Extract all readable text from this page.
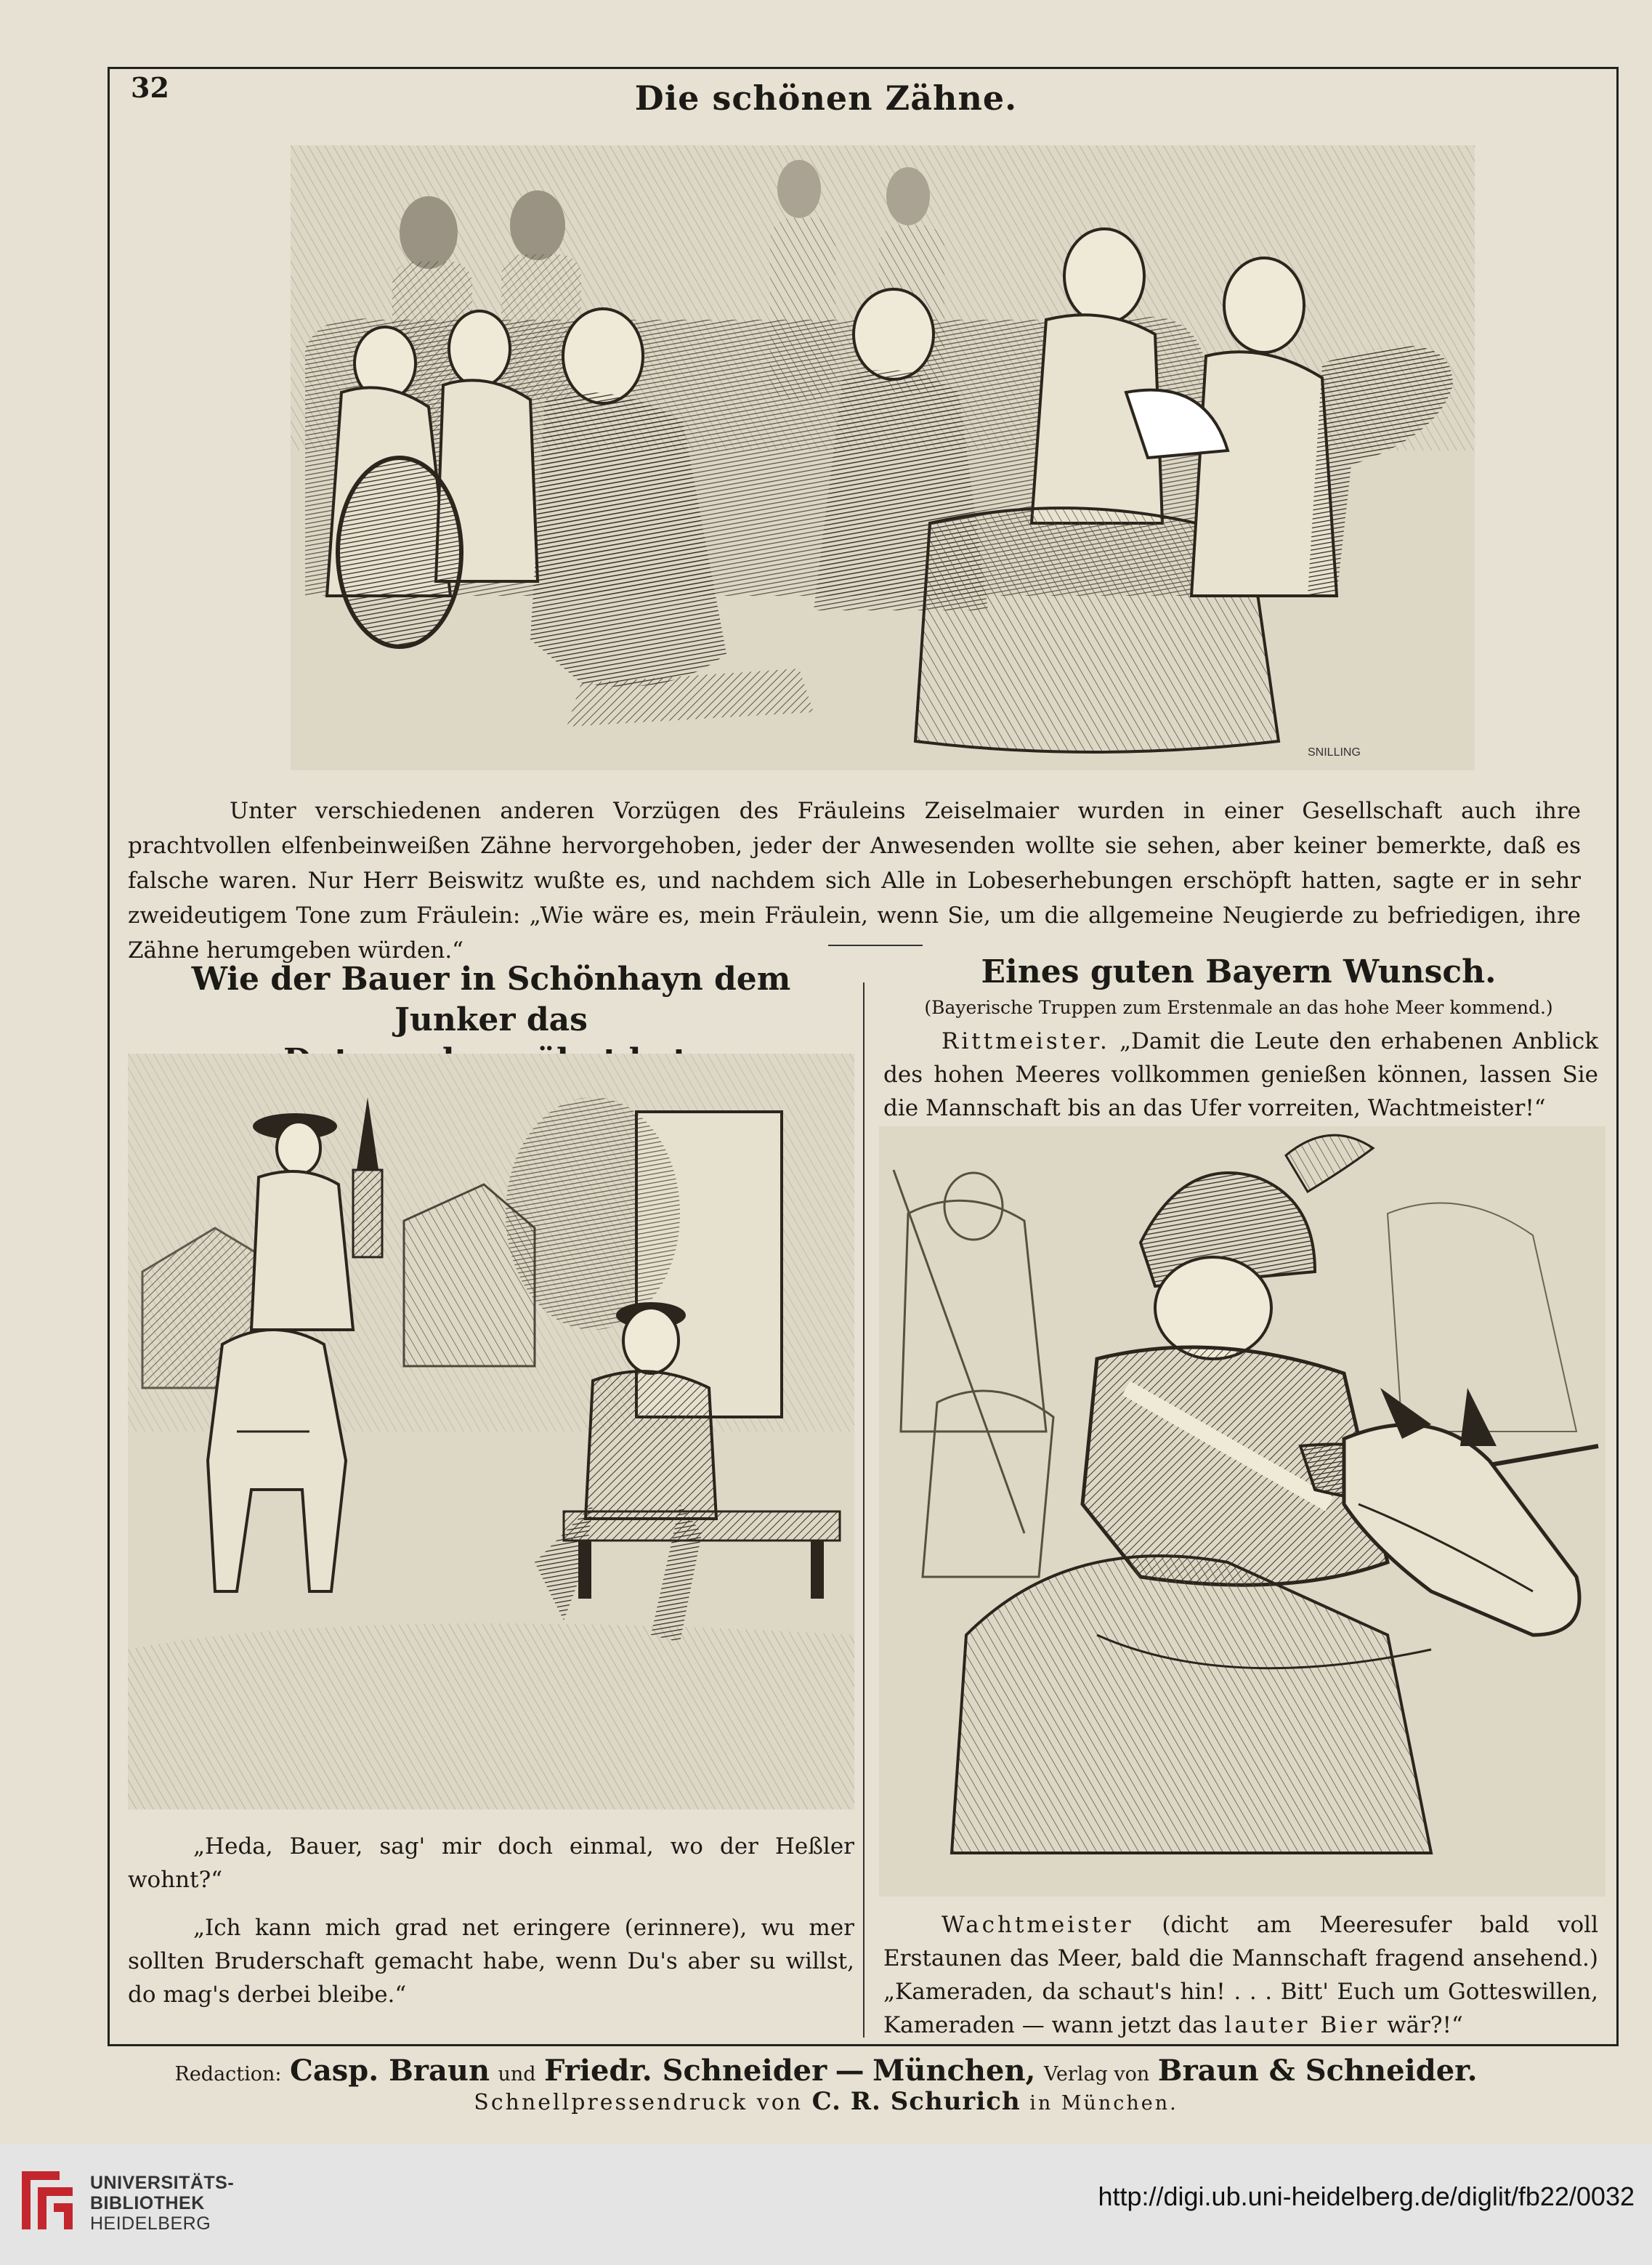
32	Die schönen Zähne.
SNILLING

Unter verschiedenen anderen Vorzügen des Fräuleins Zeiselmaier wurden in einer Gesellschaft auch ihre prachtvollen elfenbeinweißen Zähne hervorgehoben, jeder der Anwesenden wollte sie sehen, aber keiner bemerkte, daß es falsche waren. Nur Herr Beiswitz wußte es, und nachdem sich Alle in Lobeserhebungen erschöpft hatten, sagte er in sehr zweideutigem Tone zum Fräulein: „Wie wäre es, mein Fräulein, wenn Sie, um die allgemeine Neugierde zu befriedigen, ihre Zähne herumgeben würden.“

Wie der Bauer in Schönhayn dem Junker das

„Heda, Bauer, sag' mir doch einmal, wo der Heßler wohnt?“

„Ich kann mich grad net eringere (erinnere), wu mer sollten Bruderschaft gemacht habe, wenn Du's aber su willst, do mag's derbei bleibe.“

Eines guten Bayern Wunsch.
(Bayerische Truppen zum Erstenmale an das hohe Meer kommend.)

Rittmeister. „Damit die Leute den erhabenen Anblick des hohen Meeres vollkommen genießen können, lassen Sie die Mannschaft bis an das Ufer vorreiten, Wachtmeister!“

Wachtmeister (dicht am Meeresufer bald voll Erstaunen das Meer, bald die Mannschaft fragend ansehend.) „Kameraden, da schaut's hin! . . . Bitt' Euch um Gotteswillen, Kameraden — wann jetzt das lauter Bier wär?!“

Redaction: Casp. Braun und Friedr. Schneider — München, Verlag von Braun & Schneider.
Schnellpressendruck von C. R. Schurich in München.
UNIVERSITÄTS-
BIBLIOTHEK
HEIDELBERG
http://digi.ub.uni-heidelberg.de/diglit/fb22/0032
